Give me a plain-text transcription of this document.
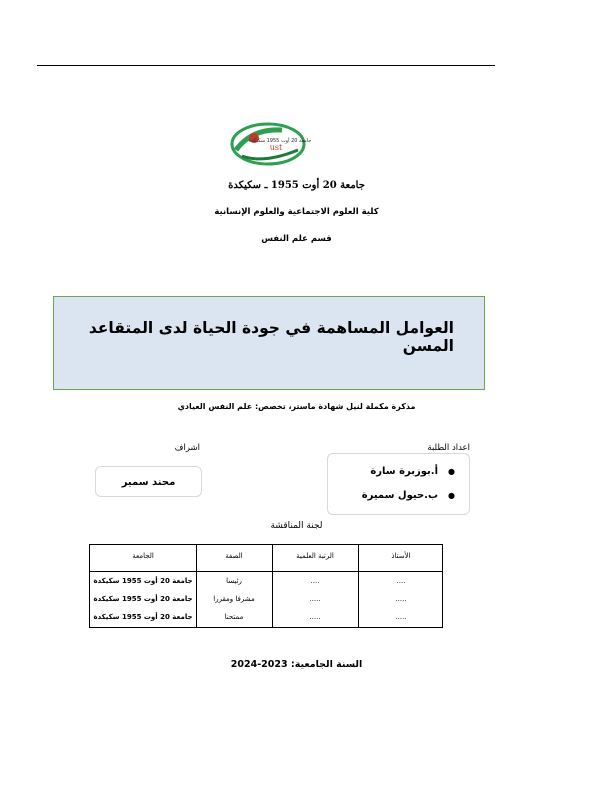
ust
جامعة 20 أوت 1955 سكيكدة
جامعة 20 أوت 1955 ـ سكيكدة
كلية العلوم الاجتماعية والعلوم الإنسانية
قسم علم النفس
العوامل المساهمة في جودة الحياة لدى المتقاعد المسن
مذكرة مكملة لنيل شهادة ماستر، تخصص: علم النفس العيادي
اعداد الطلبة
اشراف
●أ.بوزبرة سارة
●ب.حيول سميرة
محند سمير
لجنة المناقشة
الأستاذ
الرتبة العلمية
الصفة
الجامعة
....
....
رئيسا
جامعة 20 أوت 1955 سكيكدة
.....
.....
مشرفا ومقررا
جامعة 20 أوت 1955 سكيكدة
.....
.....
ممتحنا
جامعة 20 أوت 1955 سكيكدة
السنة الجامعية: 2023-2024
